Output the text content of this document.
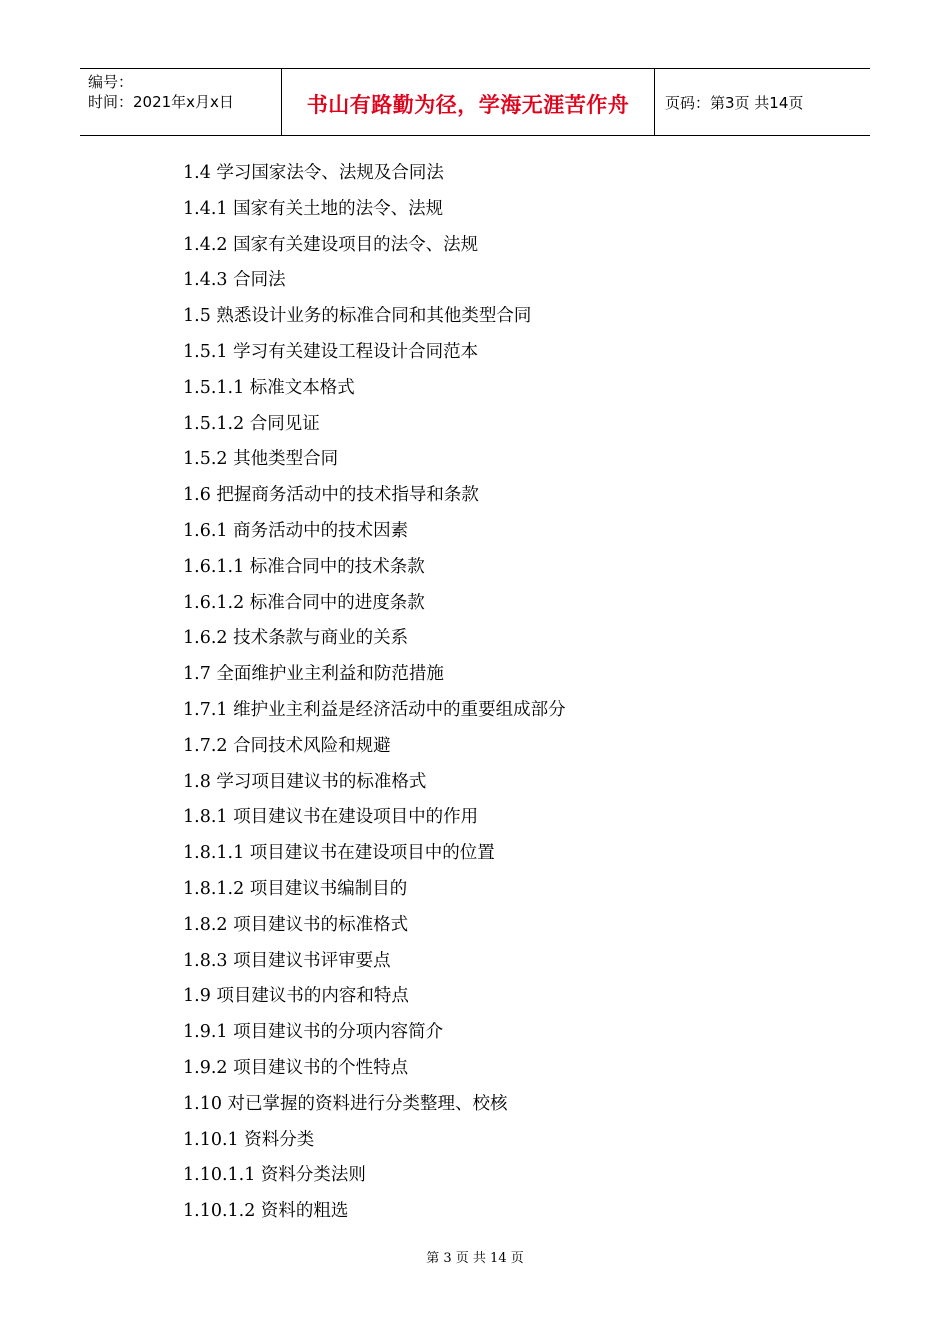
编号：
时间：2021年x月x日	书山有路勤为径，学海无涯苦作舟	页码：第3页 共14页
1.4 学习国家法令、法规及合同法
1.4.1 国家有关土地的法令、法规
1.4.2 国家有关建设项目的法令、法规
1.4.3 合同法
1.5 熟悉设计业务的标准合同和其他类型合同
1.5.1 学习有关建设工程设计合同范本
1.5.1.1 标准文本格式
1.5.1.2 合同见证
1.5.2 其他类型合同
1.6 把握商务活动中的技术指导和条款
1.6.1 商务活动中的技术因素
1.6.1.1 标准合同中的技术条款
1.6.1.2 标准合同中的进度条款
1.6.2 技术条款与商业的关系
1.7 全面维护业主利益和防范措施
1.7.1 维护业主利益是经济活动中的重要组成部分
1.7.2 合同技术风险和规避
1.8 学习项目建议书的标准格式
1.8.1 项目建议书在建设项目中的作用
1.8.1.1 项目建议书在建设项目中的位置
1.8.1.2 项目建议书编制目的
1.8.2 项目建议书的标准格式
1.8.3 项目建议书评审要点
1.9 项目建议书的内容和特点
1.9.1 项目建议书的分项内容简介
1.9.2 项目建议书的个性特点
1.10 对已掌握的资料进行分类整理、校核
1.10.1 资料分类
1.10.1.1 资料分类法则
1.10.1.2 资料的粗选
第 3 页 共 14 页
